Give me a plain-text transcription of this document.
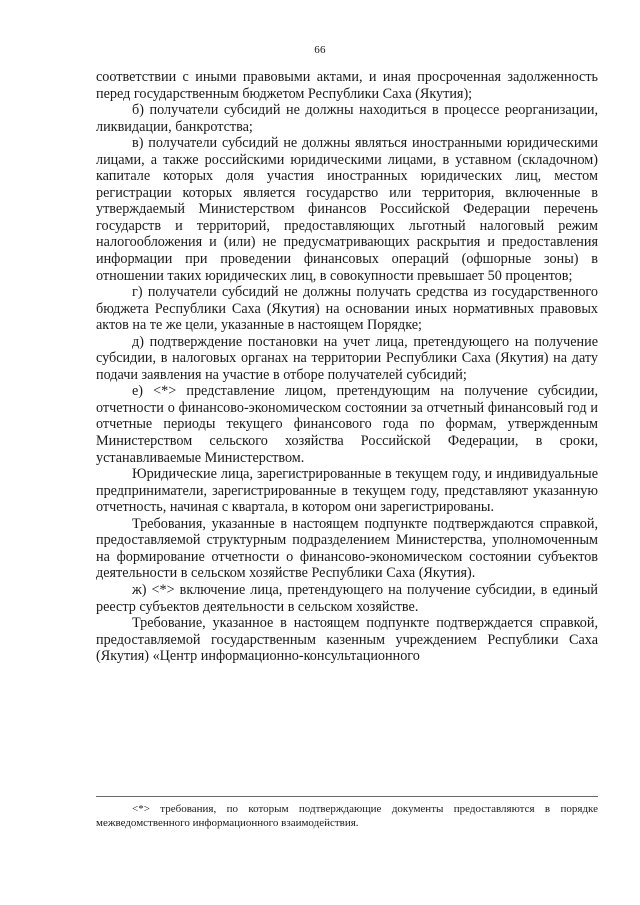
66

соответствии с иными правовыми актами, и иная просроченная задолженность перед государственным бюджетом Республики Саха (Якутия);

б) получатели субсидий не должны находиться в процессе реорганизации, ликвидации, банкротства;

в) получатели субсидий не должны являться иностранными юридическими лицами, а также российскими юридическими лицами, в уставном (складочном) капитале которых доля участия иностранных юридических лиц, местом регистрации которых является государство или территория, включенные в утверждаемый Министерством финансов Российской Федерации перечень государств и территорий, предоставляющих льготный налоговый режим налогообложения и (или) не предусматривающих раскрытия и предоставления информации при проведении финансовых операций (офшорные зоны) в отношении таких юридических лиц, в совокупности превышает 50 процентов;

г) получатели субсидий не должны получать средства из государственного бюджета Республики Саха (Якутия) на основании иных нормативных правовых актов на те же цели, указанные в настоящем Порядке;

д) подтверждение постановки на учет лица, претендующего на получение субсидии, в налоговых органах на территории Республики Саха (Якутия) на дату подачи заявления на участие в отборе получателей субсидий;

е) <*> представление лицом, претендующим на получение субсидии, отчетности о финансово-экономическом состоянии за отчетный финансовый год и отчетные периоды текущего финансового года по формам, утвержденным Министерством сельского хозяйства Российской Федерации, в сроки, устанавливаемые Министерством.

Юридические лица, зарегистрированные в текущем году, и индивидуальные предприниматели, зарегистрированные в текущем году, представляют указанную отчетность, начиная с квартала, в котором они зарегистрированы.

Требования, указанные в настоящем подпункте подтверждаются справкой, предоставляемой структурным подразделением Министерства, уполномоченным на формирование отчетности о финансово-экономическом состоянии субъектов деятельности в сельском хозяйстве Республики Саха (Якутия).

ж) <*> включение лица, претендующего на получение субсидии, в единый реестр субъектов деятельности в сельском хозяйстве.

Требование, указанное в настоящем подпункте подтверждается справкой, предоставляемой государственным казенным учреждением Республики Саха (Якутия) «Центр информационно-консультационного

<*> требования, по которым подтверждающие документы предоставляются в порядке межведомственного информационного взаимодействия.
